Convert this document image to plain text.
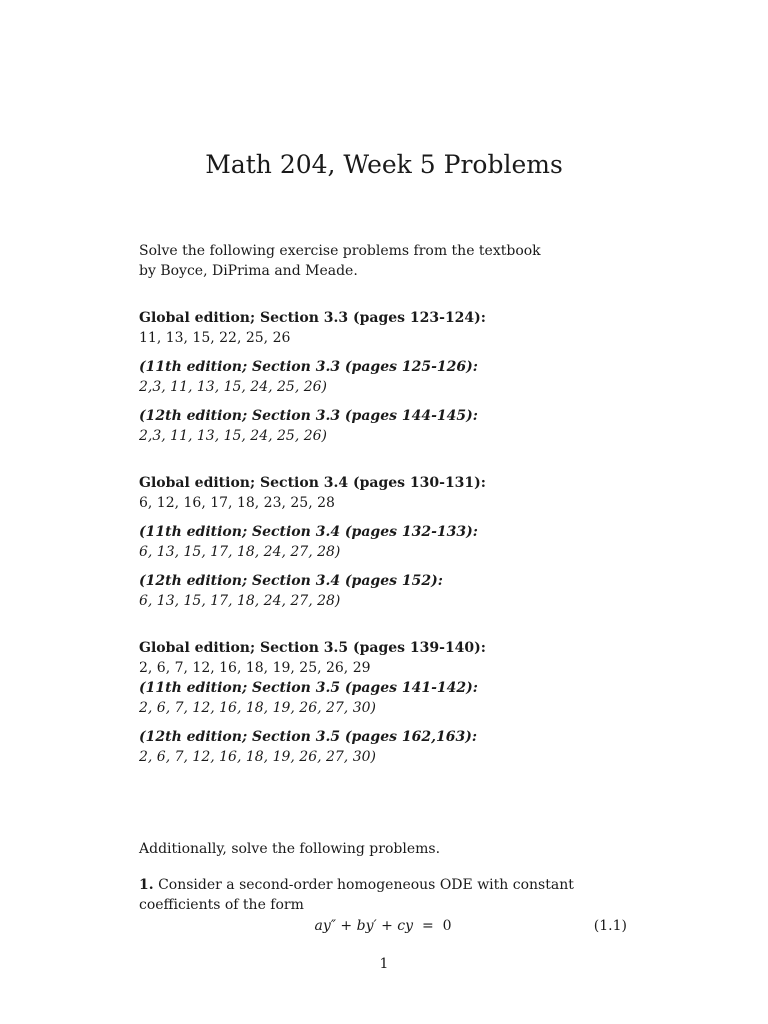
Math 204, Week 5 Problems

Solve the following exercise problems from the textbook
by Boyce, DiPrima and Meade.

Global edition; Section 3.3 (pages 123-124):
11, 13, 15, 22, 25, 26
(11th edition; Section 3.3 (pages 125-126):
2,3, 11, 13, 15, 24, 25, 26)
(12th edition; Section 3.3 (pages 144-145):
2,3, 11, 13, 15, 24, 25, 26)
Global edition; Section 3.4 (pages 130-131):
6, 12, 16, 17, 18, 23, 25, 28
(11th edition; Section 3.4 (pages 132-133):
6, 13, 15, 17, 18, 24, 27, 28)
(12th edition; Section 3.4 (pages 152):
6, 13, 15, 17, 18, 24, 27, 28)
Global edition; Section 3.5 (pages 139-140):
2, 6, 7, 12, 16, 18, 19, 25, 26, 29
(11th edition; Section 3.5 (pages 141-142):
2, 6, 7, 12, 16, 18, 19, 26, 27, 30)
(12th edition; Section 3.5 (pages 162,163):
2, 6, 7, 12, 16, 18, 19, 26, 27, 30)

Additionally, solve the following problems.

1. Consider a second-order homogeneous ODE with constant coefficients of the form

ay″ + by′ + cy = 0	(1.1)
1
